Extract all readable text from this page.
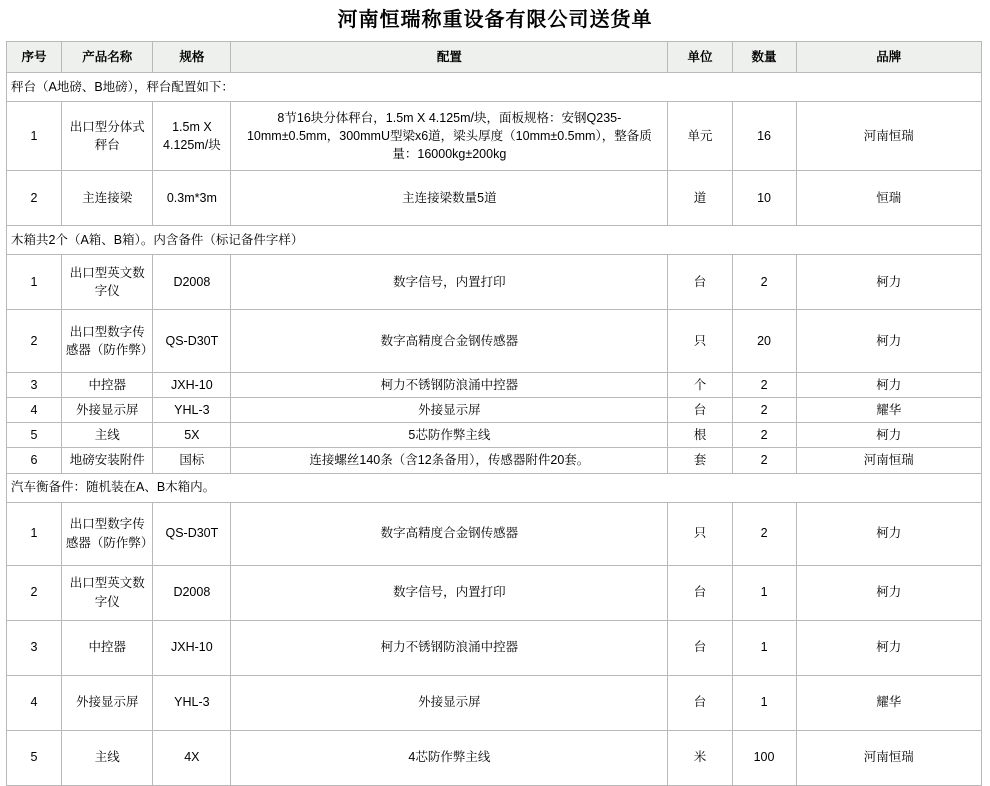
河南恒瑞称重设备有限公司送货单
序号	产品名称	规格	配置	单位	数量	品牌
秤台（A地磅、B地磅），秤台配置如下：						
1	出口型分体式秤台	1.5m X 4.125m/块	8节16块分体秤台，1.5m X 4.125m/块，面板规格：安钢Q235-10mm±0.5mm，300mmU型梁x6道，梁头厚度（10mm±0.5mm），整备质量：16000kg±200kg	单元	16	河南恒瑞
2	主连接梁	0.3m*3m	主连接梁数量5道	道	10	恒瑞
木箱共2个（A箱、B箱）。内含备件（标记备件字样）						
1	出口型英文数字仪	D2008	数字信号，内置打印	台	2	柯力
2	出口型数字传感器（防作弊）	QS-D30T	数字高精度合金钢传感器	只	20	柯力
3	中控器	JXH-10	柯力不锈钢防浪涌中控器	个	2	柯力
4	外接显示屏	YHL-3	外接显示屏	台	2	耀华
5	主线	5X	5芯防作弊主线	根	2	柯力
6	地磅安装附件	国标	连接螺丝140条（含12条备用），传感器附件20套。	套	2	河南恒瑞
汽车衡备件：随机装在A、B木箱内。						
1	出口型数字传感器（防作弊）	QS-D30T	数字高精度合金钢传感器	只	2	柯力
2	出口型英文数字仪	D2008	数字信号，内置打印	台	1	柯力
3	中控器	JXH-10	柯力不锈钢防浪涌中控器	台	1	柯力
4	外接显示屏	YHL-3	外接显示屏	台	1	耀华
5	主线	4X	4芯防作弊主线	米	100	河南恒瑞
